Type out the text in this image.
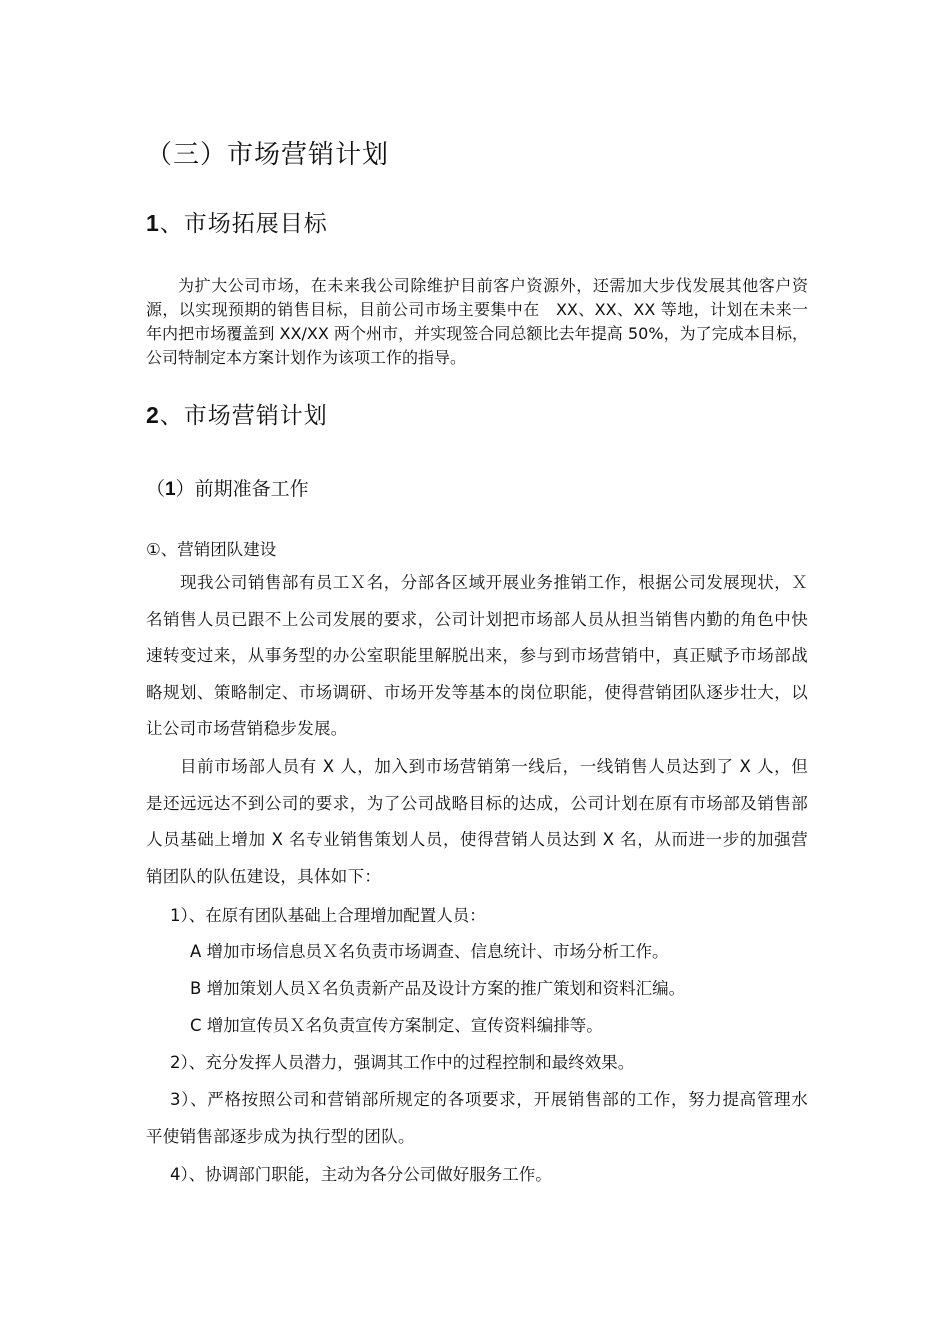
（三）市场营销计划
1、市场拓展目标
为扩大公司市场，在未来我公司除维护目前客户资源外，还需加大步伐发展其他客户资源，以实现预期的销售目标，目前公司市场主要集中在　XX、XX、XX 等地，计划在未来一年内把市场覆盖到 XX/XX 两个州市，并实现签合同总额比去年提高 50%，为了完成本目标，公司特制定本方案计划作为该项工作的指导。
2、市场营销计划
（1）前期准备工作
①、营销团队建设
现我公司销售部有员工Ｘ名，分部各区域开展业务推销工作，根据公司发展现状，Ｘ名销售人员已跟不上公司发展的要求，公司计划把市场部人员从担当销售内勤的角色中快速转变过来，从事务型的办公室职能里解脱出来，参与到市场营销中，真正赋予市场部战略规划、策略制定、市场调研、市场开发等基本的岗位职能，使得营销团队逐步壮大，以让公司市场营销稳步发展。
目前市场部人员有 X 人，加入到市场营销第一线后，一线销售人员达到了 X 人，但是还远远达不到公司的要求，为了公司战略目标的达成，公司计划在原有市场部及销售部人员基础上增加 X 名专业销售策划人员，使得营销人员达到 X 名，从而进一步的加强营销团队的队伍建设，具体如下：
1）、在原有团队基础上合理增加配置人员：
A 增加市场信息员Ｘ名负责市场调查、信息统计、市场分析工作。
B 增加策划人员Ｘ名负责新产品及设计方案的推广策划和资料汇编。
C 增加宣传员Ｘ名负责宣传方案制定、宣传资料编排等。
2）、充分发挥人员潜力，强调其工作中的过程控制和最终效果。
3）、严格按照公司和营销部所规定的各项要求，开展销售部的工作，努力提高管理水平使销售部逐步成为执行型的团队。
4）、协调部门职能，主动为各分公司做好服务工作。
